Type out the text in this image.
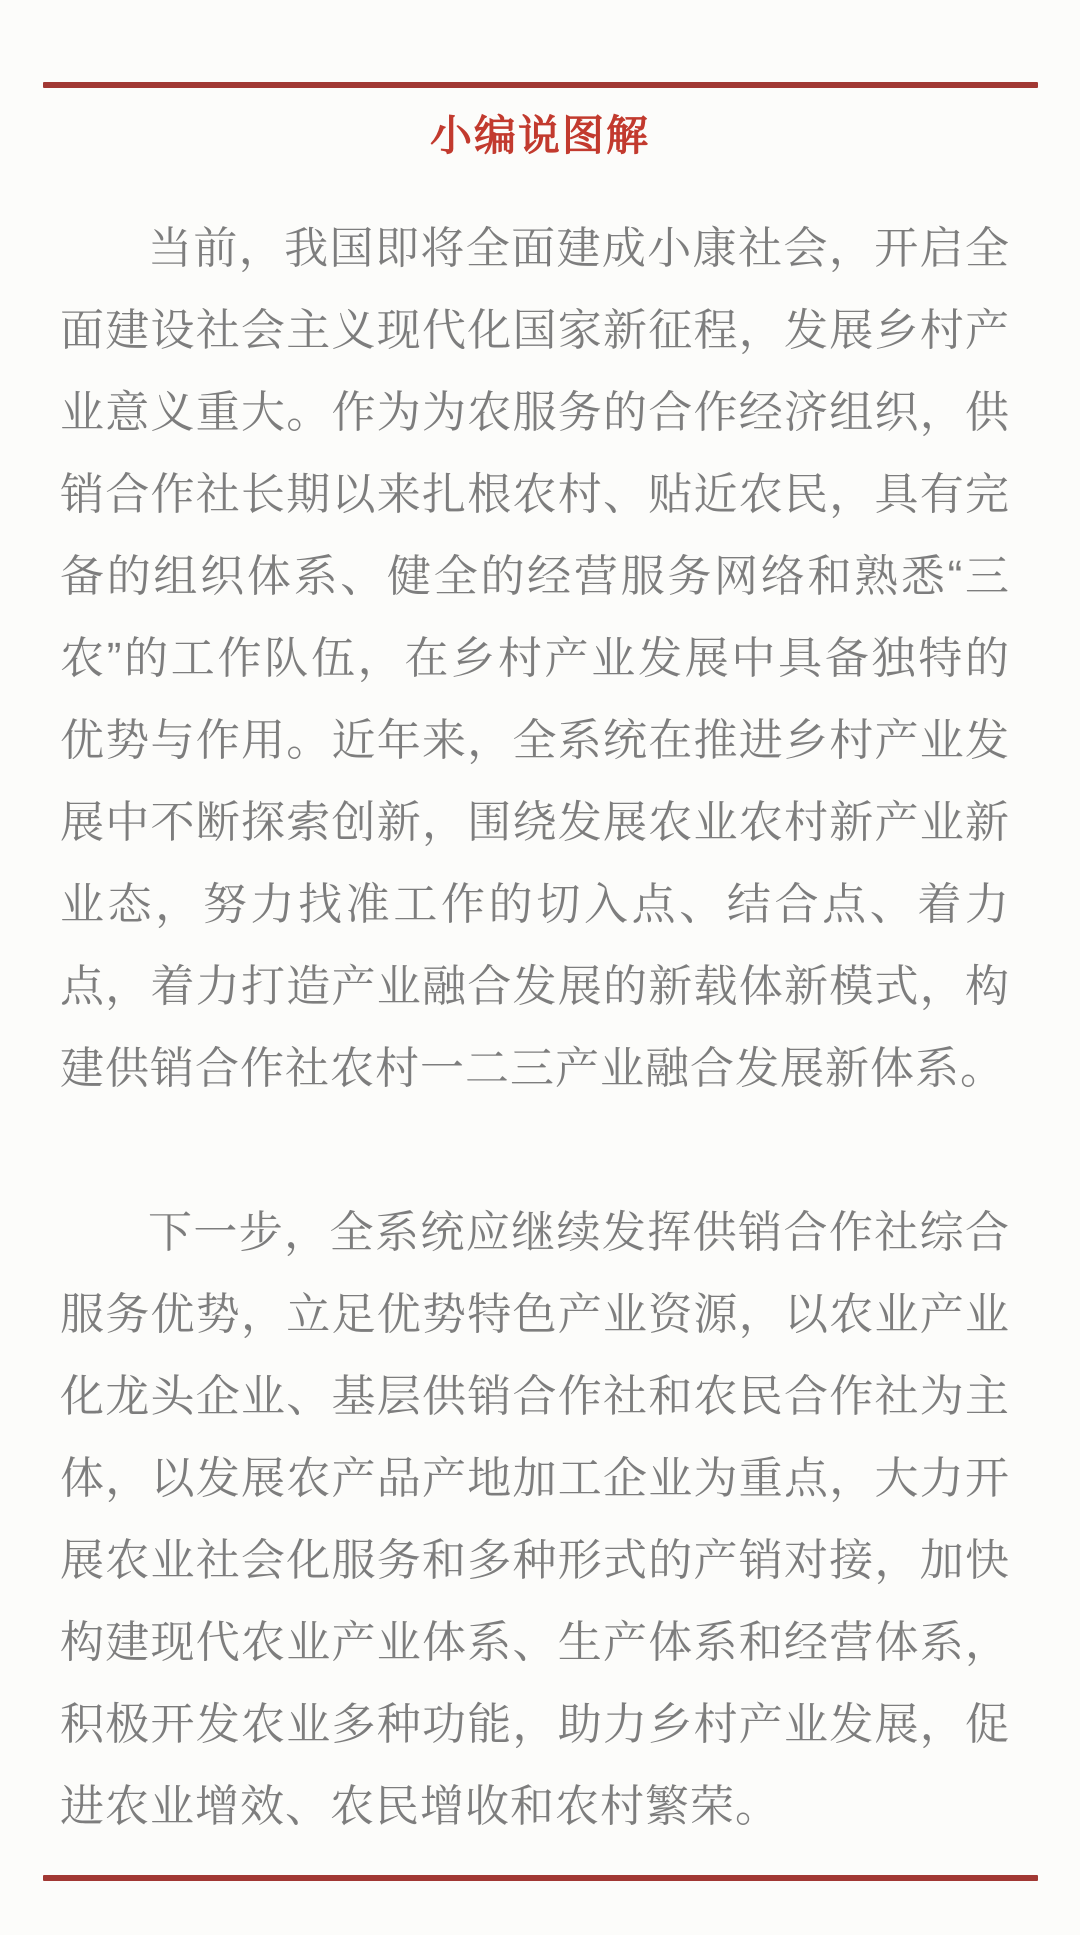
小编说图解

当前，我国即将全面建成小康社会，开启全面建设社会主义现代化国家新征程，发展乡村产业意义重大。作为为农服务的合作经济组织，供销合作社长期以来扎根农村、贴近农民，具有完备的组织体系、健全的经营服务网络和熟悉“三农”的工作队伍，在乡村产业发展中具备独特的优势与作用。近年来，全系统在推进乡村产业发展中不断探索创新，围绕发展农业农村新产业新业态，努力找准工作的切入点、结合点、着力点，着力打造产业融合发展的新载体新模式，构建供销合作社农村一二三产业融合发展新体系。

下一步，全系统应继续发挥供销合作社综合服务优势，立足优势特色产业资源，以农业产业化龙头企业、基层供销合作社和农民合作社为主体，以发展农产品产地加工企业为重点，大力开展农业社会化服务和多种形式的产销对接，加快构建现代农业产业体系、生产体系和经营体系，积极开发农业多种功能，助力乡村产业发展，促进农业增效、农民增收和农村繁荣。
